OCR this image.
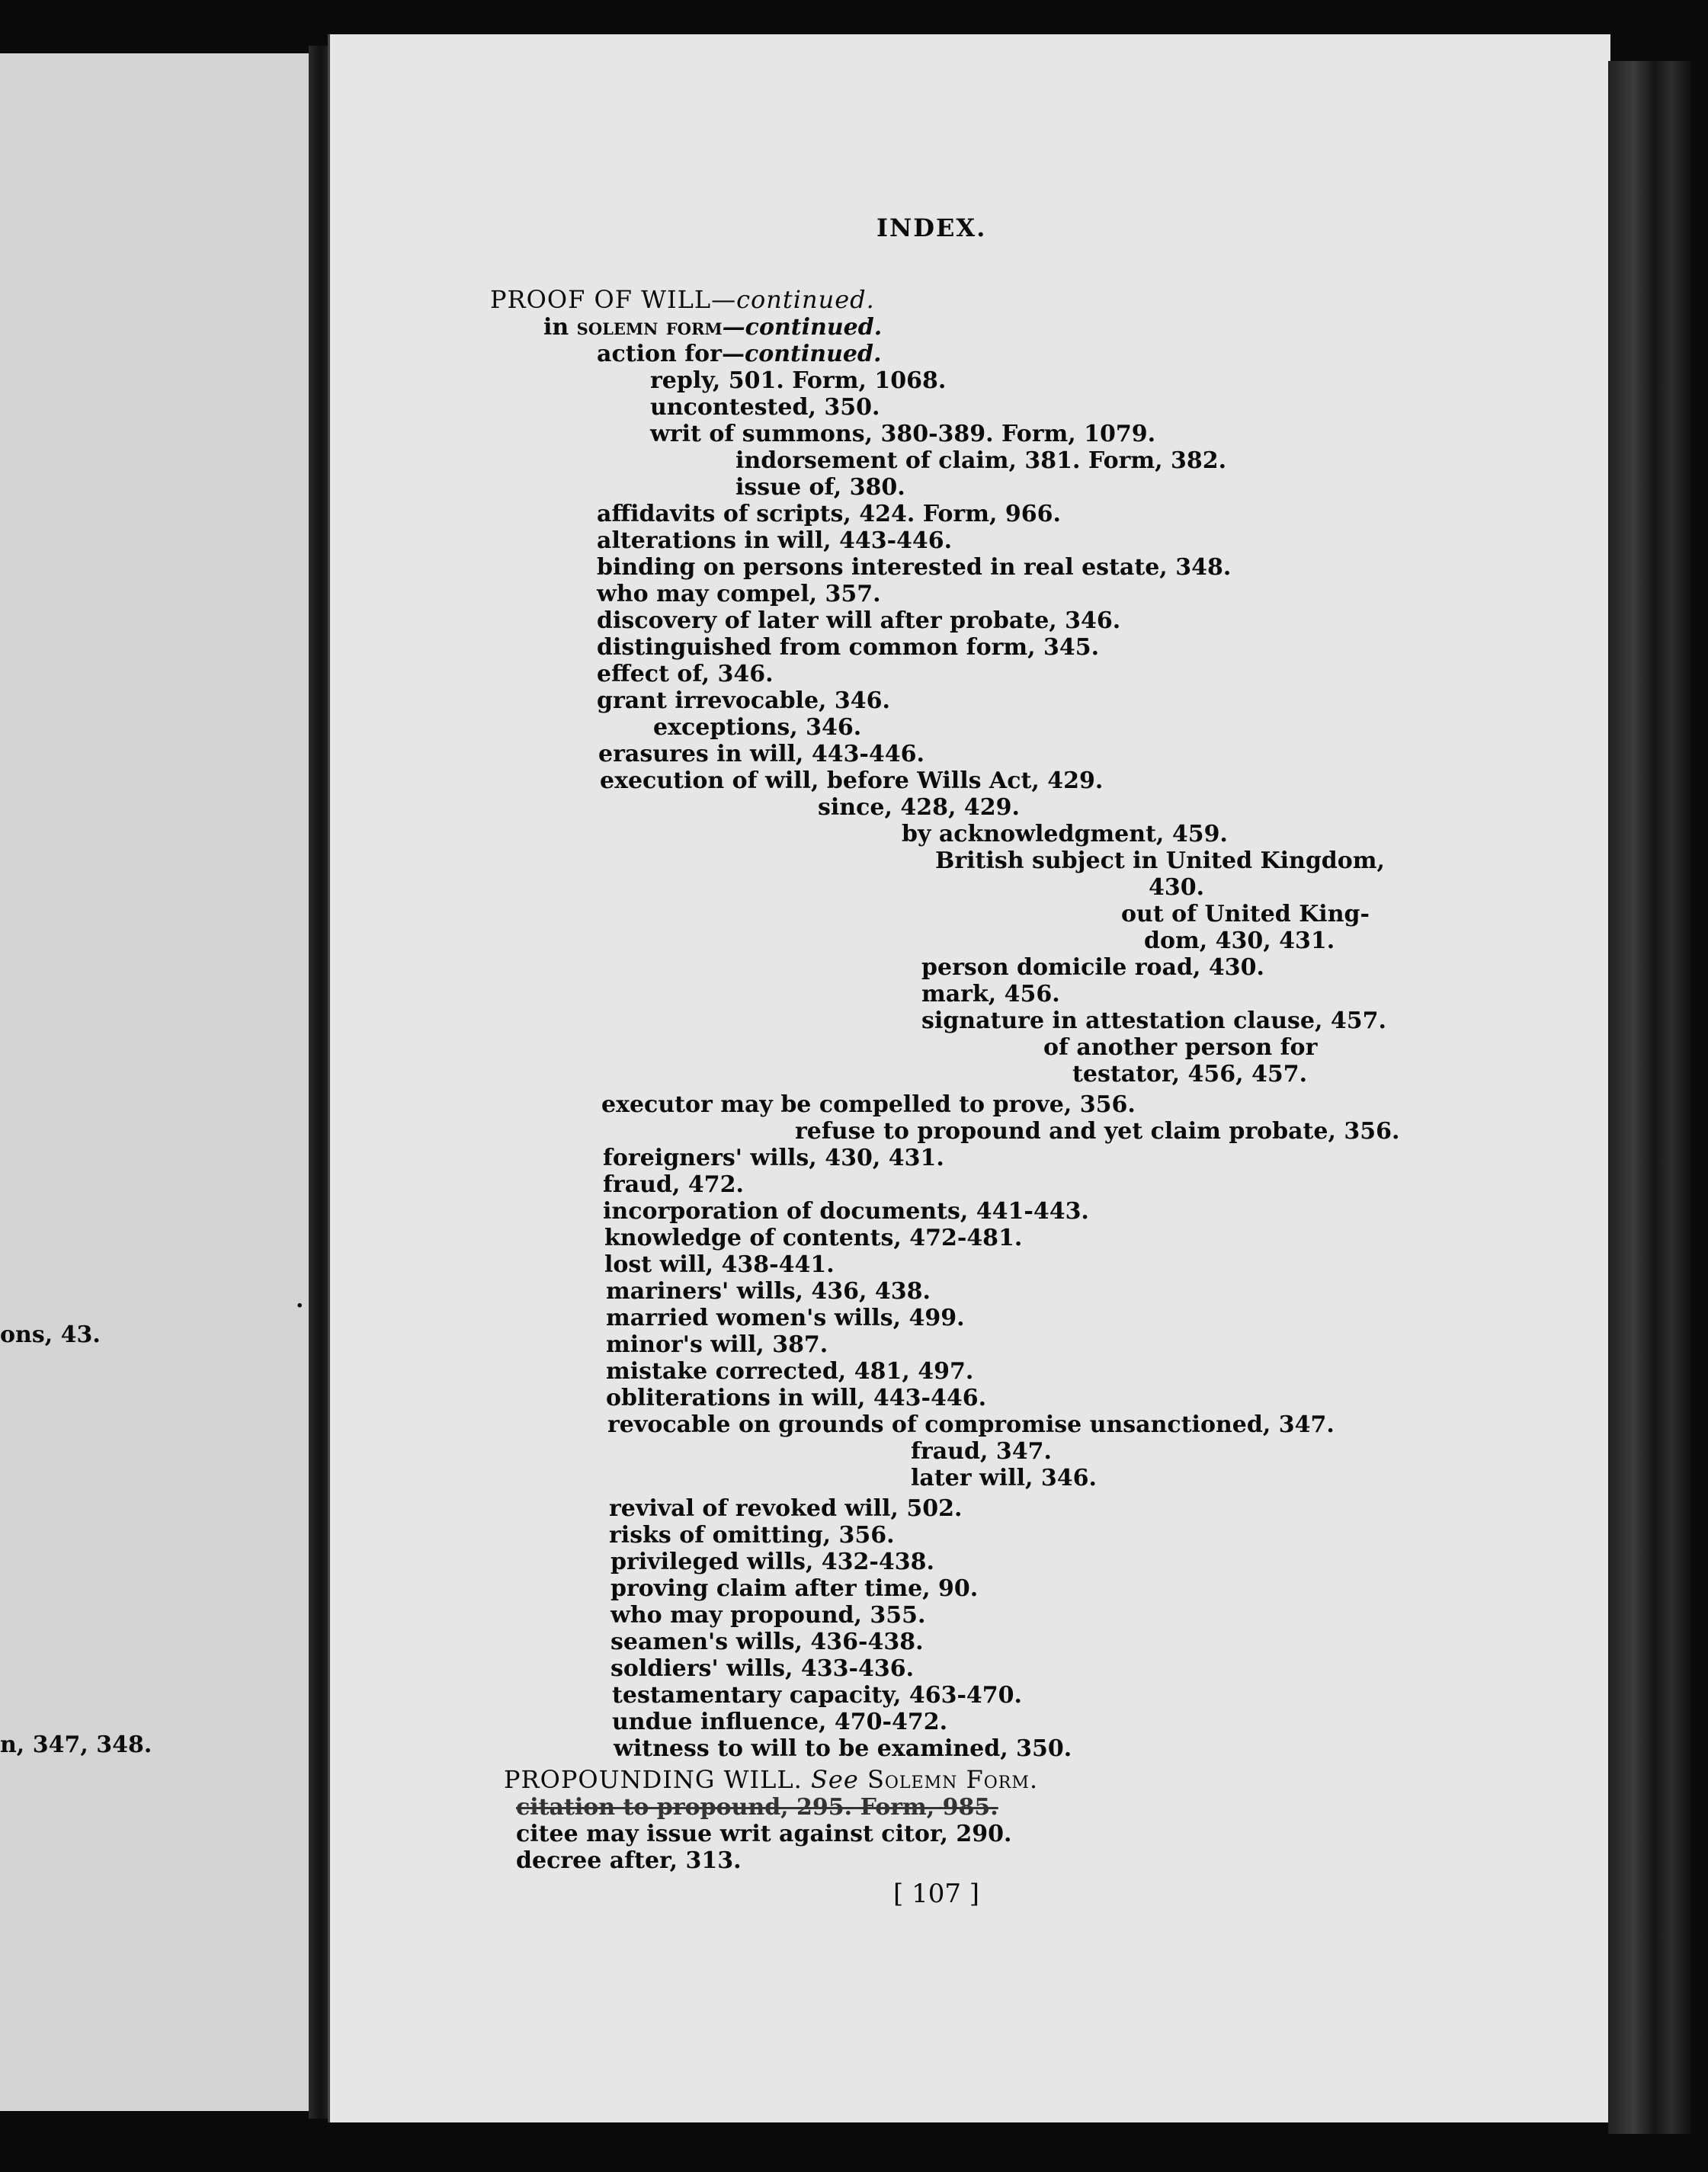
.
ons, 43.
n, 347, 348.
INDEX.
PROOF OF WILL—continued.
in solemn form—continued.
action for—continued.
reply, 501. Form, 1068.
uncontested, 350.
writ of summons, 380-389. Form, 1079.
indorsement of claim, 381. Form, 382.
issue of, 380.
affidavits of scripts, 424. Form, 966.
alterations in will, 443-446.
binding on persons interested in real estate, 348.
who may compel, 357.
discovery of later will after probate, 346.
distinguished from common form, 345.
effect of, 346.
grant irrevocable, 346.
exceptions, 346.
erasures in will, 443-446.
execution of will, before Wills Act, 429.
since, 428, 429.
by acknowledgment, 459.
British subject in United Kingdom,
430.
out of United King-
dom, 430, 431.
person domicile road, 430.
mark, 456.
signature in attestation clause, 457.
of another person for
testator, 456, 457.
executor may be compelled to prove, 356.
refuse to propound and yet claim probate, 356.
foreigners' wills, 430, 431.
fraud, 472.
incorporation of documents, 441-443.
knowledge of contents, 472-481.
lost will, 438-441.
mariners' wills, 436, 438.
married women's wills, 499.
minor's will, 387.
mistake corrected, 481, 497.
obliterations in will, 443-446.
revocable on grounds of compromise unsanctioned, 347.
fraud, 347.
later will, 346.
revival of revoked will, 502.
risks of omitting, 356.
privileged wills, 432-438.
proving claim after time, 90.
who may propound, 355.
seamen's wills, 436-438.
soldiers' wills, 433-436.
testamentary capacity, 463-470.
undue influence, 470-472.
witness to will to be examined, 350.
PROPOUNDING WILL. See Solemn Form.
citation to propound, 295. Form, 985.
citee may issue writ against citor, 290.
decree after, 313.
[ 107 ]
